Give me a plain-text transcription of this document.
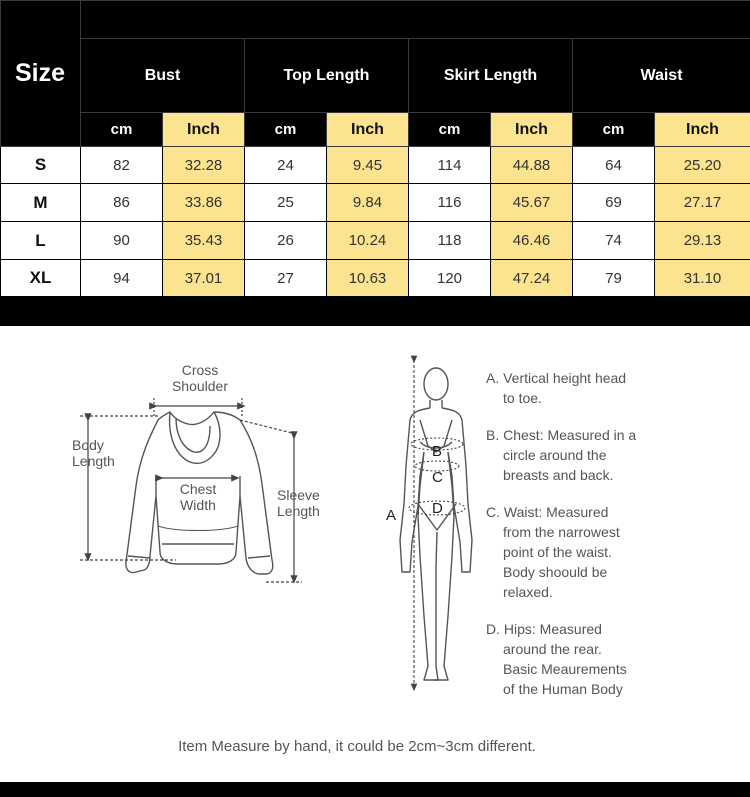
Size								
	Bust		Top Length		Skirt Length		Waist	
	cm	Inch	cm	Inch	cm	Inch	cm	Inch
S	82	32.28	24	9.45	114	44.88	64	25.20
M	86	33.86	25	9.84	116	45.67	69	27.17
L	90	35.43	26	10.24	118	46.46	74	29.13
XL	94	37.01	27	10.63	120	47.24	79	31.10
Cross
Shoulder
Body
Length
Chest
Width
Sleeve
Length	A
B
C
D

A. Vertical height head

to toe.

B. Chest: Measured in a

circle around the

breasts and back.

C. Waist: Measured

from the narrowest

point of the waist.

Body shoould be

relaxed.

D. Hips: Measured

around the rear.

Basic Meaurements

of the Human Body

Item Measure by hand, it could be 2cm~3cm different.
